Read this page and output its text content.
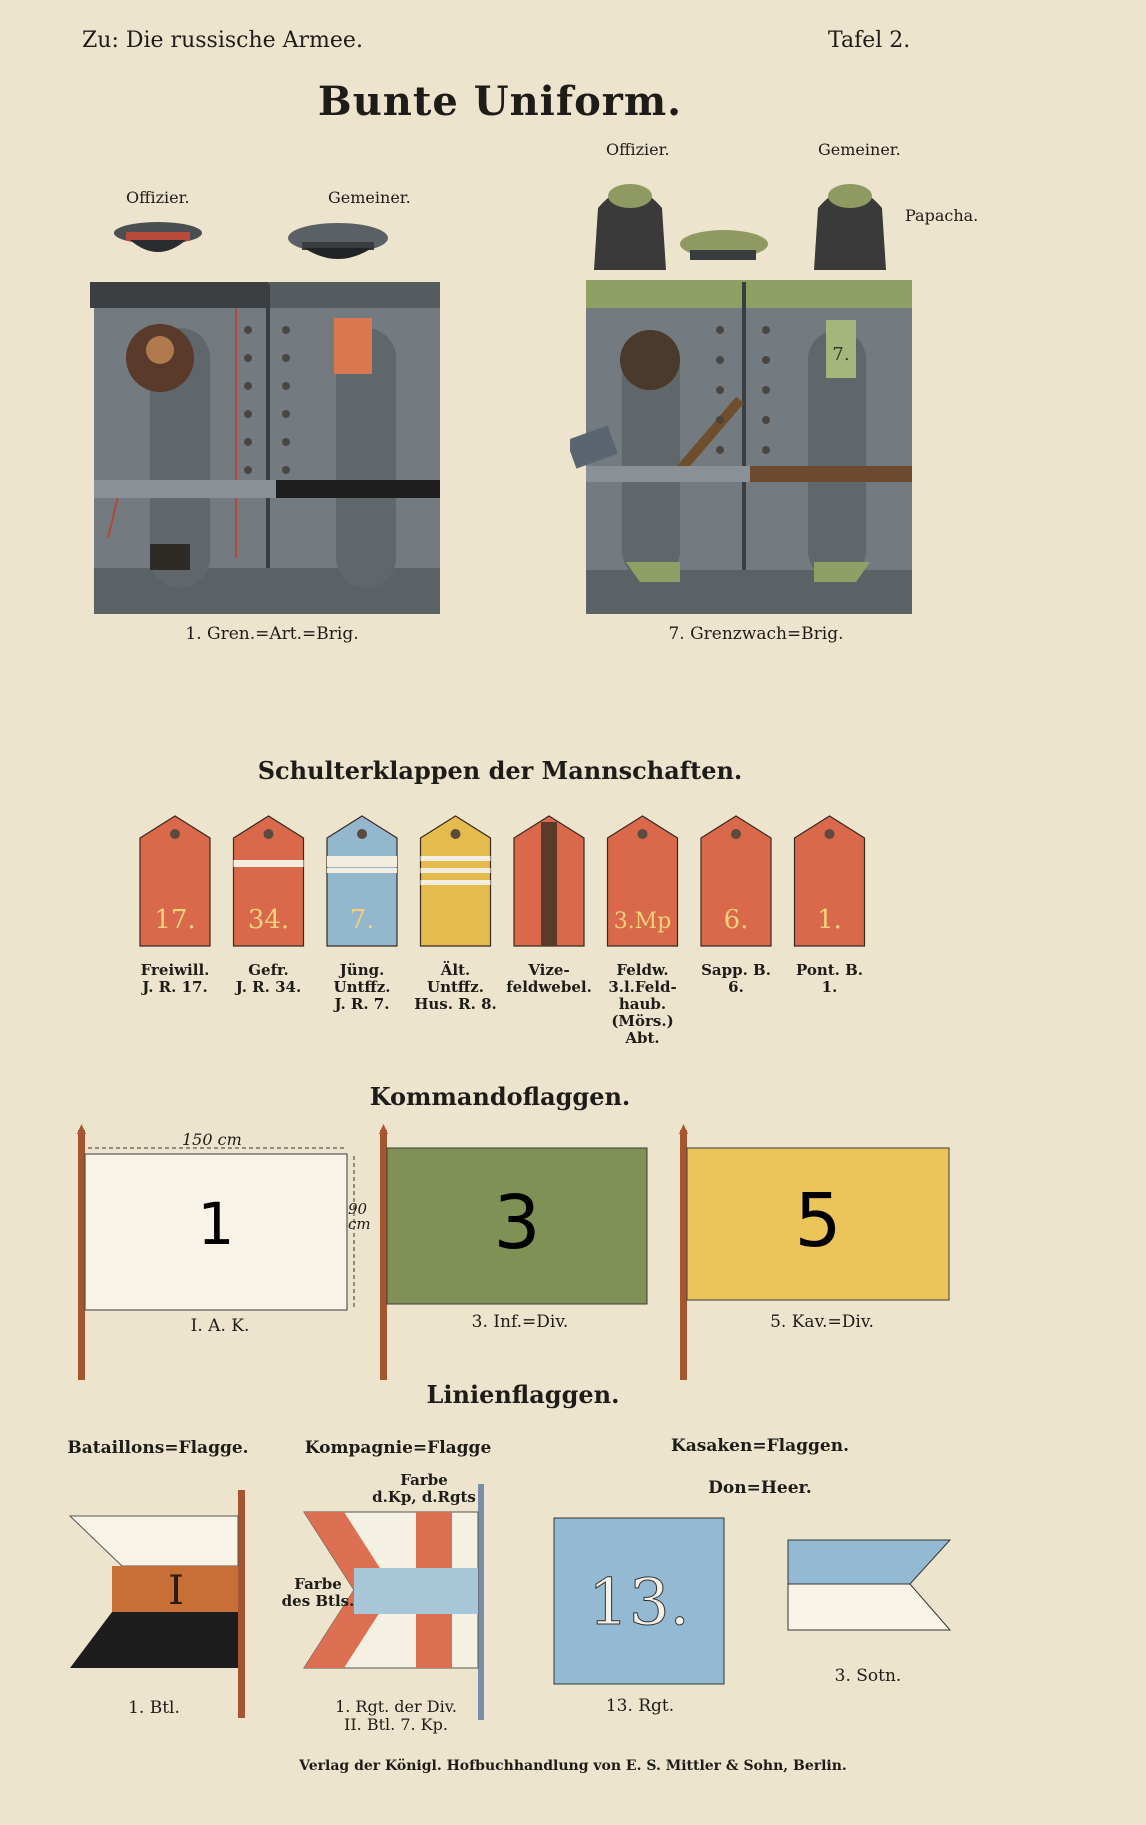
Zu: Die russische Armee.	Tafel 2.
Bunte Uniform.
Offizier.	Gemeiner.
Offizier.	Gemeiner.
Papacha.
7.
1. Gren.=Art.=Brig.	7. Grenzwach=Brig.
Schulterklappen der Mannschaften.
17. 34. 7.	3.Mp 6.	1.
Freiwill.
J. R. 17.
Gefr.
J. R. 34.
Jüng.
Untffz.
J. R. 7.
Ält.
Untffz.
Hus. R. 8.
Vize-
feldwebel.
Feldw.
3.l.Feld-
haub.
(Mörs.)
Abt.
Sapp. B.
6.
Pont. B.
1.
Kommandoflaggen.
1	3	5
150 cm
90
cm
I. A. K.	3. Inf.=Div.	5. Kav.=Div.
Linienflaggen.
Bataillons=Flagge.	Kompagnie=Flagge	Kasaken=Flaggen.
Don=Heer.
I	13.
Farbe
d.Kp, d.Rgts
Farbe
des Btls.
1. Btl.	1. Rgt. der Div.
II. Btl. 7. Kp.
13. Rgt.
3. Sotn.
Verlag der Königl. Hofbuchhandlung von E. S. Mittler & Sohn, Berlin.
